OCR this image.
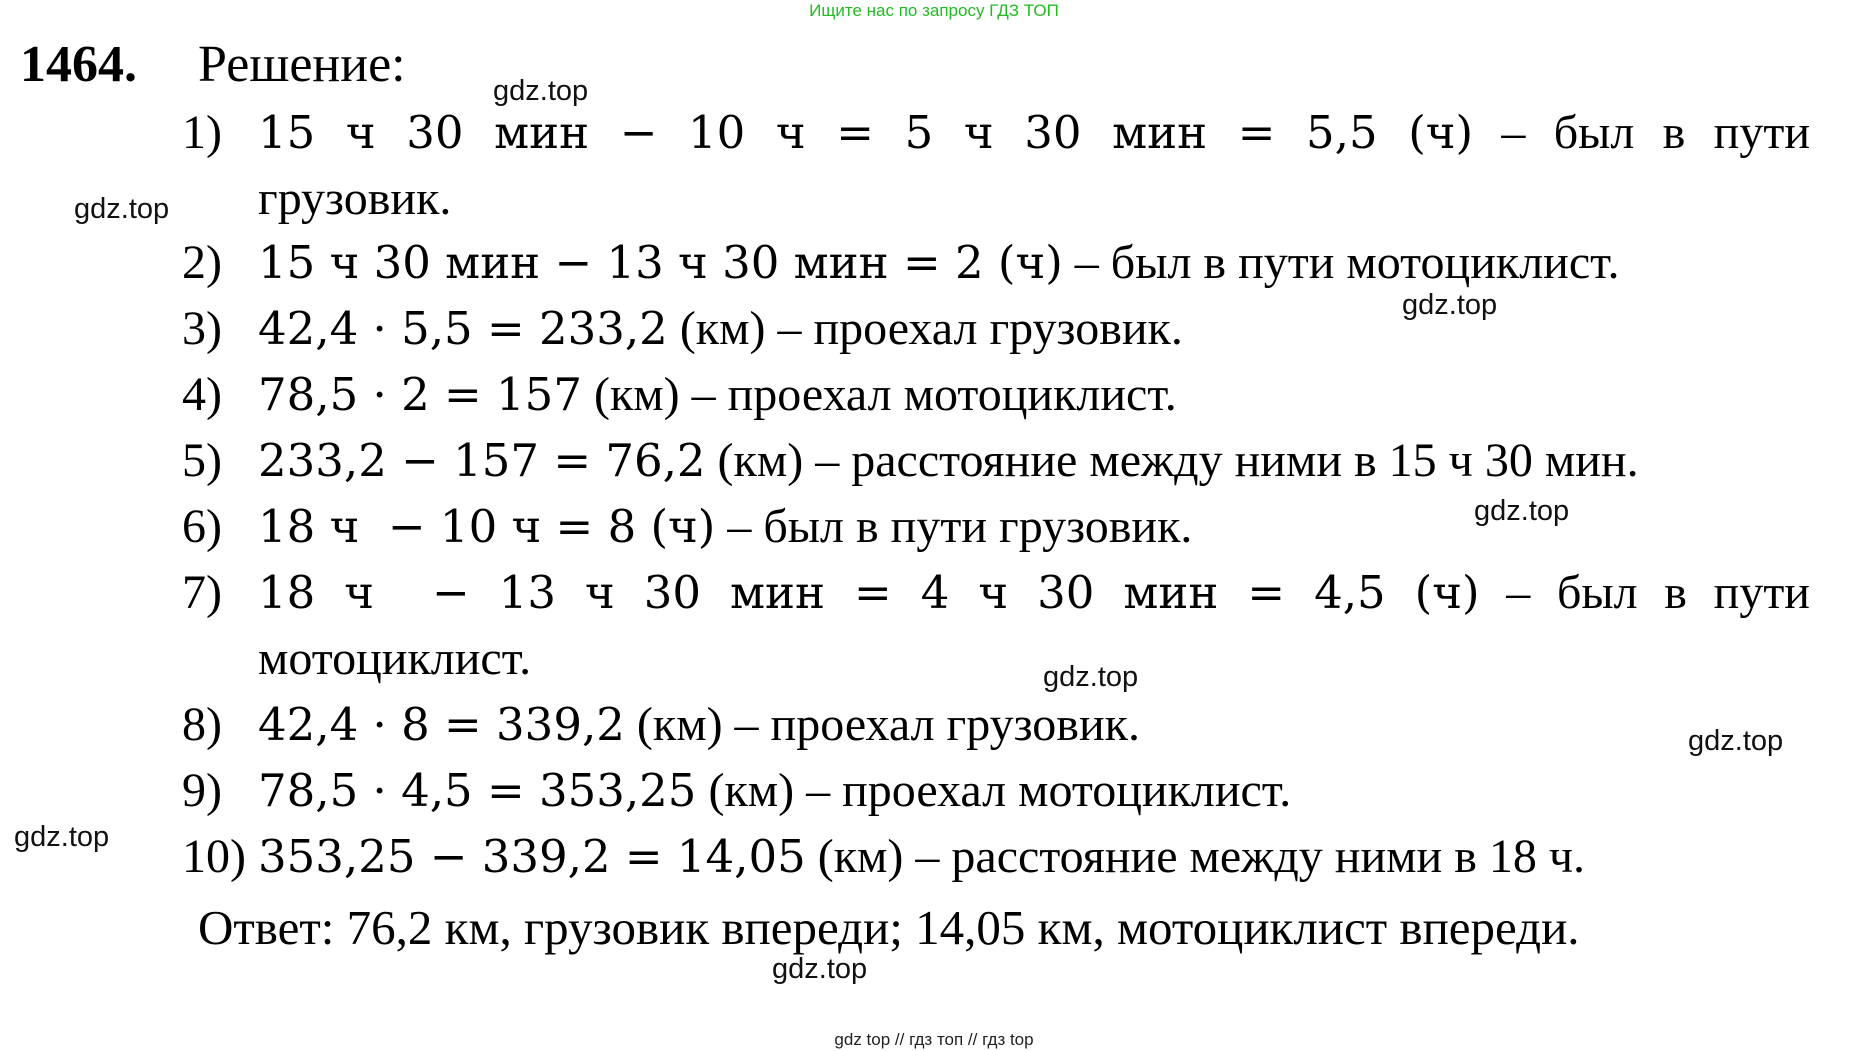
Ищите нас по запросу ГДЗ ТОП
1464. Решение:
1) 15 ч 30 мин − 10 ч = 5 ч 30 мин = 5,5 (ч) – был в пути
грузовик.
2) 15 ч 30 мин − 13 ч 30 мин = 2 (ч) – был в пути мотоциклист.
3) 42,4 · 5,5 = 233,2 (км) – проехал грузовик.
4) 78,5 · 2 = 157 (км) – проехал мотоциклист.
5) 233,2 − 157 = 76,2 (км) – расстояние между ними в 15 ч 30 мин.
6) 18 ч  − 10 ч = 8 (ч) – был в пути грузовик.
7) 18 ч  − 13 ч 30 мин = 4 ч 30 мин = 4,5 (ч) – был в пути
мотоциклист.
8) 42,4 · 8 = 339,2 (км) – проехал грузовик.
9) 78,5 · 4,5 = 353,25 (км) – проехал мотоциклист.
10) 353,25 − 339,2 = 14,05 (км) – расстояние между ними в 18 ч.
Ответ: 76,2 км, грузовик впереди; 14,05 км, мотоциклист впереди.
gdz.top
gdz.top
gdz.top
gdz.top
gdz.top
gdz.top
gdz.top
gdz.top
gdz top // гдз топ // гдз top
